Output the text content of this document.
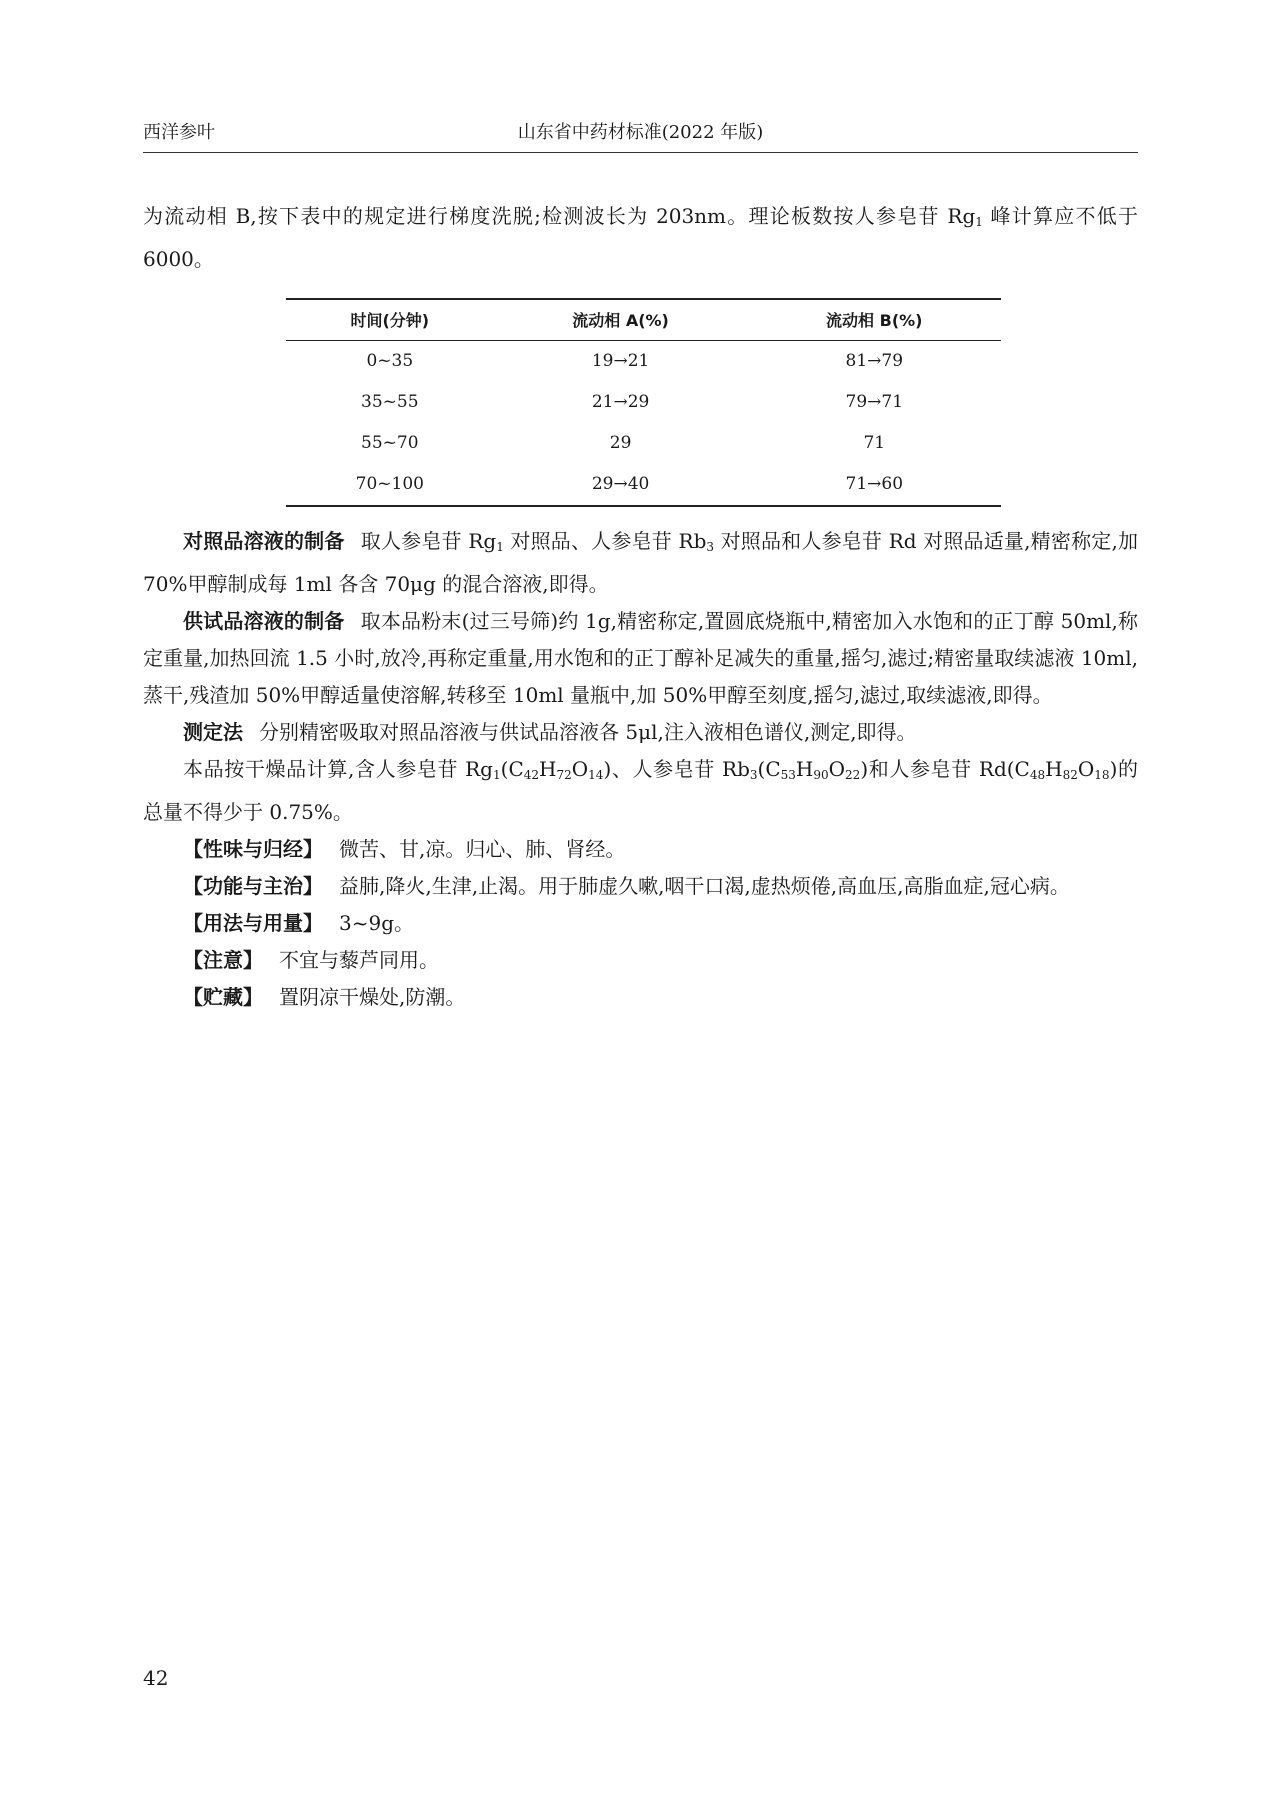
西洋参叶	山东省中药材标准(2022 年版)

为流动相 B,按下表中的规定进行梯度洗脱;检测波长为 203nm。理论板数按人参皂苷 $Rg_1$ 峰计算应不低于 6000。

时间(分钟)	流动相 A(%)	流动相 B(%)
0~35	19→21	81→79
35~55	21→29	79→71
55~70	29	71
70~100	29→40	71→60

对照品溶液的制备 取人参皂苷 $Rg_1$ 对照品、人参皂苷 $Rb_3$ 对照品和人参皂苷 Rd 对照品适量,精密称定,加 70%甲醇制成每 1ml 各含 70μg 的混合溶液,即得。

供试品溶液的制备 取本品粉末(过三号筛)约 1g,精密称定,置圆底烧瓶中,精密加入水饱和的正丁醇 50ml,称定重量,加热回流 1.5 小时,放冷,再称定重量,用水饱和的正丁醇补足减失的重量,摇匀,滤过;精密量取续滤液 10ml,蒸干,残渣加 50%甲醇适量使溶解,转移至 10ml 量瓶中,加 50%甲醇至刻度,摇匀,滤过,取续滤液,即得。

测定法 分别精密吸取对照品溶液与供试品溶液各 5μl,注入液相色谱仪,测定,即得。

本品按干燥品计算,含人参皂苷 $Rg_1(C_{42}H_{72}O_{14})$、人参皂苷 $Rb_3(C_{53}H_{90}O_{22})$和人参皂苷 $Rd(C_{48}H_{82}O_{18})$的总量不得少于 0.75%。

【性味与归经】 微苦、甘,凉。归心、肺、肾经。

【功能与主治】 益肺,降火,生津,止渴。用于肺虚久嗽,咽干口渴,虚热烦倦,高血压,高脂血症,冠心病。

【用法与用量】 3~9g。

【注意】 不宜与藜芦同用。

【贮藏】 置阴凉干燥处,防潮。

42
